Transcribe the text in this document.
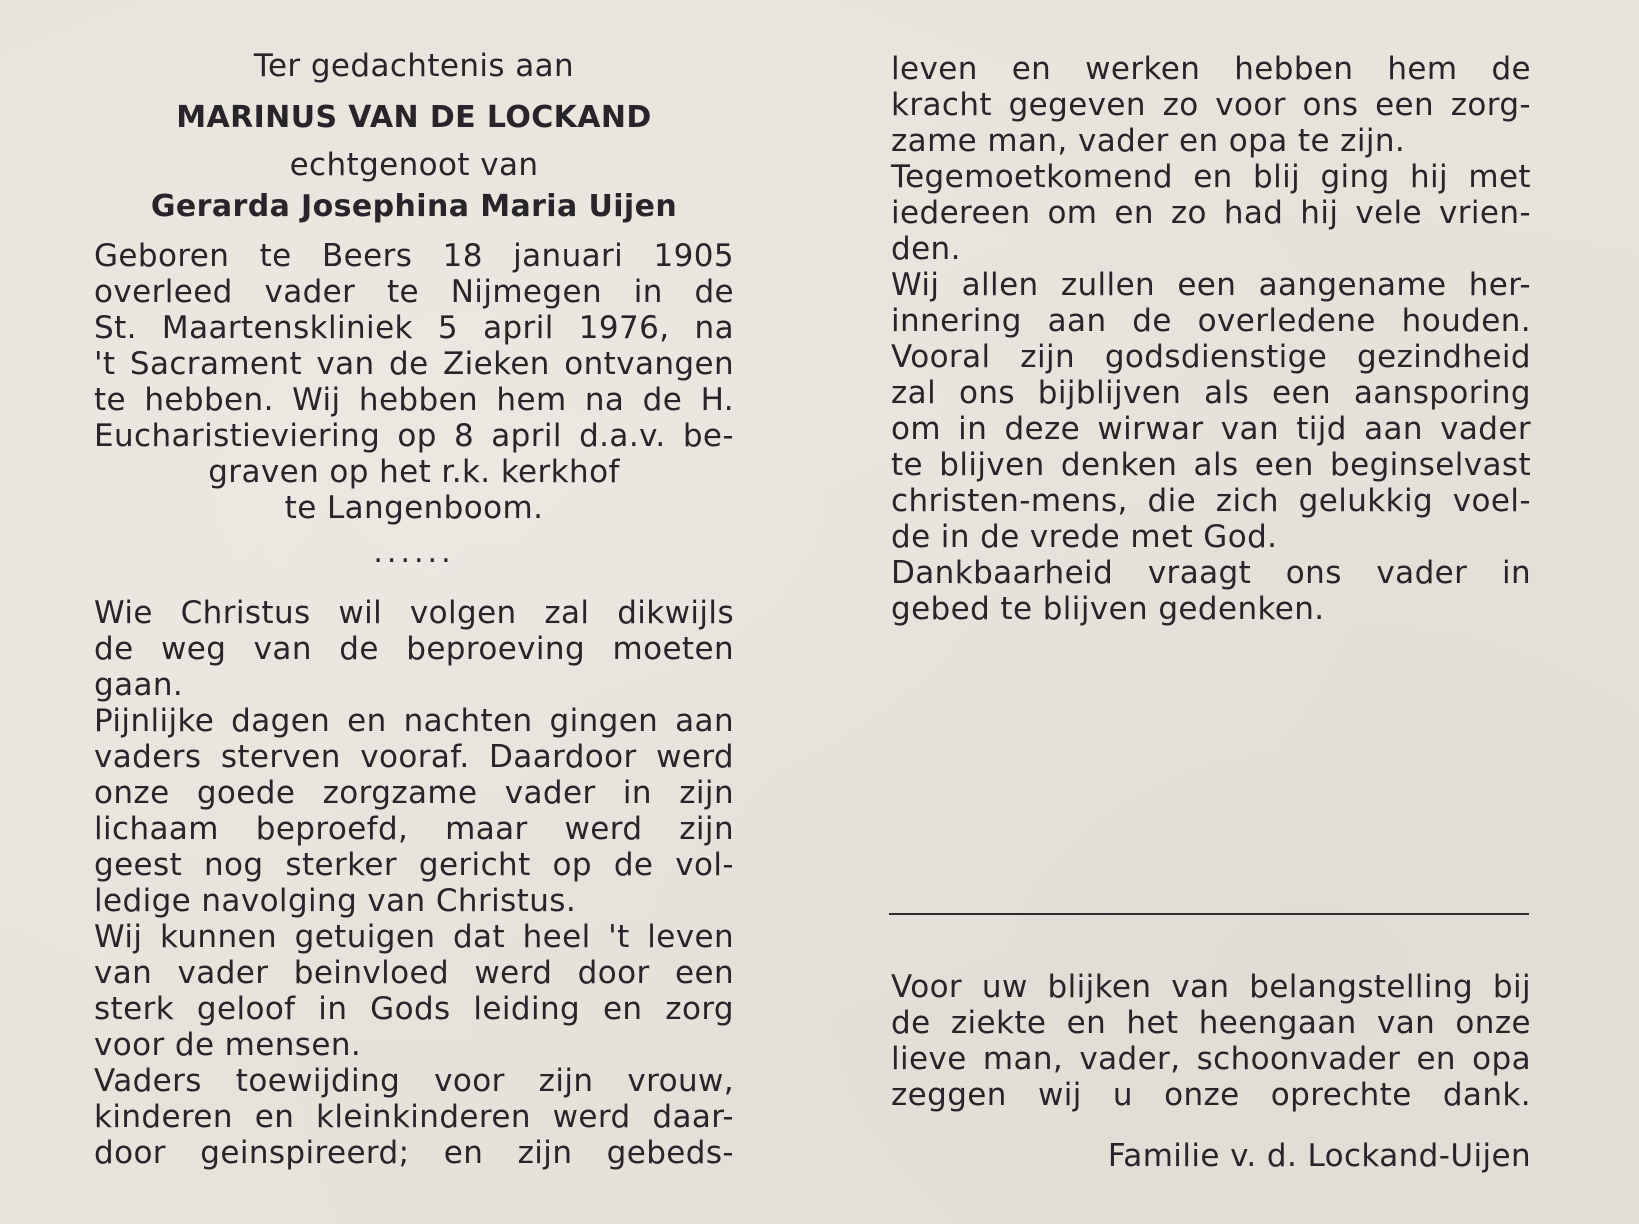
Ter gedachtenis aan
MARINUS VAN DE LOCKAND
echtgenoot van
Gerarda Josephina Maria Uijen
Geboren te Beers 18 januari 1905
overleed vader te Nijmegen in de
St. Maartenskliniek 5 april 1976, na
't Sacrament van de Zieken ontvangen
te hebben. Wij hebben hem na de H.
Eucharistieviering op 8 april d.a.v. be-
graven op het r.k. kerkhof
te Langenboom.
......
Wie Christus wil volgen zal dikwijls
de weg van de beproeving moeten
gaan.
Pijnlijke dagen en nachten gingen aan
vaders sterven vooraf. Daardoor werd
onze goede zorgzame vader in zijn
lichaam beproefd, maar werd zijn
geest nog sterker gericht op de vol-
ledige navolging van Christus.
Wij kunnen getuigen dat heel 't leven
van vader beinvloed werd door een
sterk geloof in Gods leiding en zorg
voor de mensen.
Vaders toewijding voor zijn vrouw,
kinderen en kleinkinderen werd daar-
door geinspireerd; en zijn gebeds-
leven en werken hebben hem de
kracht gegeven zo voor ons een zorg-
zame man, vader en opa te zijn.
Tegemoetkomend en blij ging hij met
iedereen om en zo had hij vele vrien-
den.
Wij allen zullen een aangename her-
innering aan de overledene houden.
Vooral zijn godsdienstige gezindheid
zal ons bijblijven als een aansporing
om in deze wirwar van tijd aan vader
te blijven denken als een beginselvast
christen-mens, die zich gelukkig voel-
de in de vrede met God.
Dankbaarheid vraagt ons vader in
gebed te blijven gedenken.
Voor uw blijken van belangstelling bij
de ziekte en het heengaan van onze
lieve man, vader, schoonvader en opa
zeggen wij u onze oprechte dank.
Familie v. d. Lockand-Uijen
